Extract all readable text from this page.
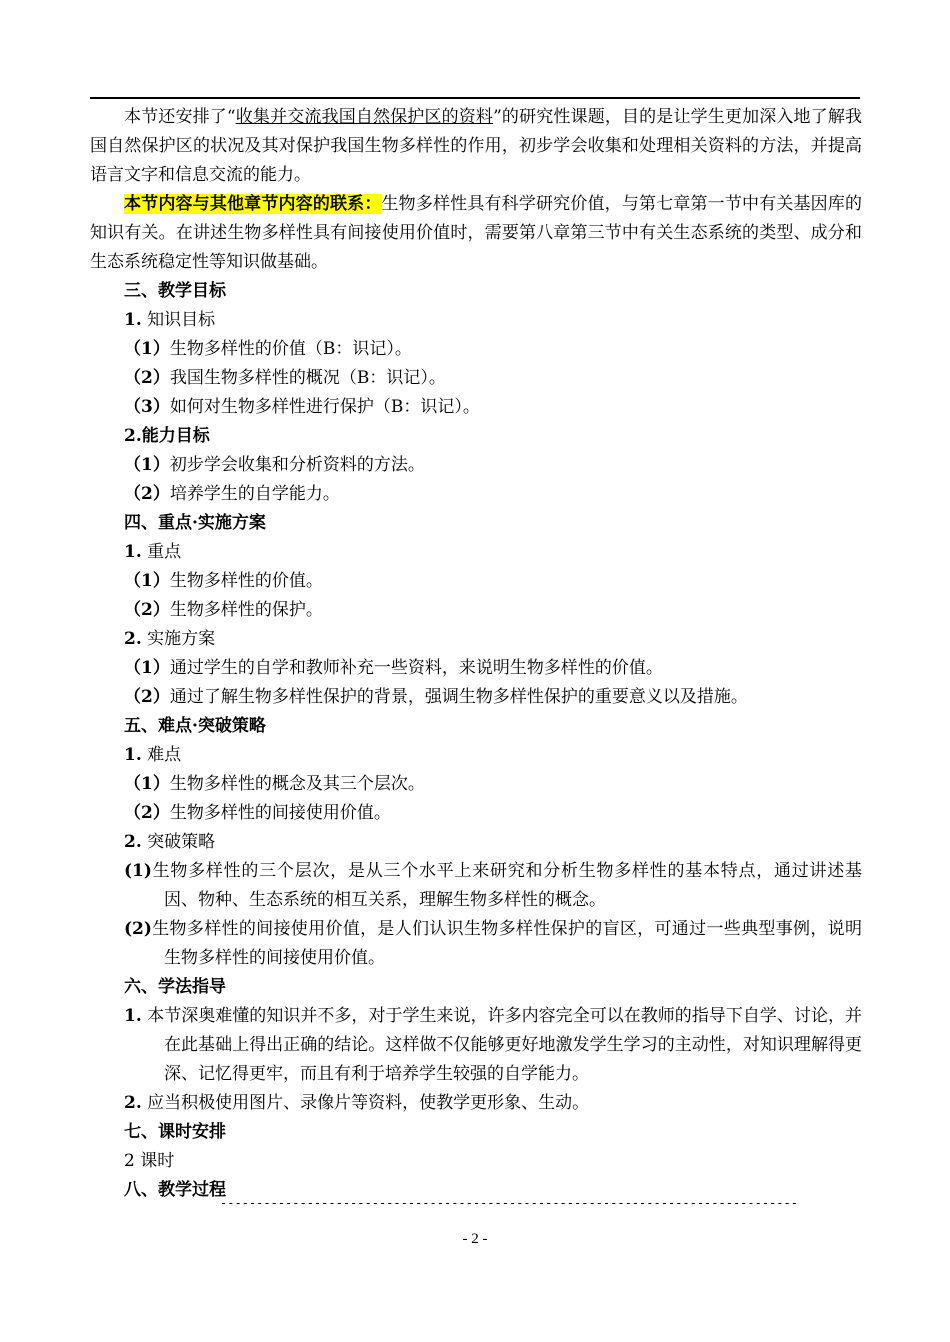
本节还安排了“收集并交流我国自然保护区的资料”的研究性课题，目的是让学生更加深入地了解我国自然保护区的状况及其对保护我国生物多样性的作用，初步学会收集和处理相关资料的方法，并提高语言文字和信息交流的能力。

本节内容与其他章节内容的联系：生物多样性具有科学研究价值，与第七章第一节中有关基因库的知识有关。在讲述生物多样性具有间接使用价值时，需要第八章第三节中有关生态系统的类型、成分和生态系统稳定性等知识做基础。

三、教学目标

1. 知识目标

（1）生物多样性的价值（B：识记）。

（2）我国生物多样性的概况（B：识记）。

（3）如何对生物多样性进行保护（B：识记）。

2.能力目标

（1）初步学会收集和分析资料的方法。

（2）培养学生的自学能力。

四、重点·实施方案

1. 重点

（1）生物多样性的价值。

（2）生物多样性的保护。

2. 实施方案

（1）通过学生的自学和教师补充一些资料，来说明生物多样性的价值。

（2）通过了解生物多样性保护的背景，强调生物多样性保护的重要意义以及措施。

五、难点·突破策略

1. 难点

（1）生物多样性的概念及其三个层次。

（2）生物多样性的间接使用价值。

2. 突破策略

(1)生物多样性的三个层次，是从三个水平上来研究和分析生物多样性的基本特点，通过讲述基因、物种、生态系统的相互关系，理解生物多样性的概念。

(2)生物多样性的间接使用价值，是人们认识生物多样性保护的盲区，可通过一些典型事例，说明生物多样性的间接使用价值。

六、学法指导

1. 本节深奥难懂的知识并不多，对于学生来说，许多内容完全可以在教师的指导下自学、讨论，并在此基础上得出正确的结论。这样做不仅能够更好地激发学生学习的主动性，对知识理解得更深、记忆得更牢，而且有利于培养学生较强的自学能力。

2. 应当积极使用图片、录像片等资料，使教学更形象、生动。

七、课时安排

2 课时

八、教学过程

--------------------------------------------------------------------------------
- 2 -
